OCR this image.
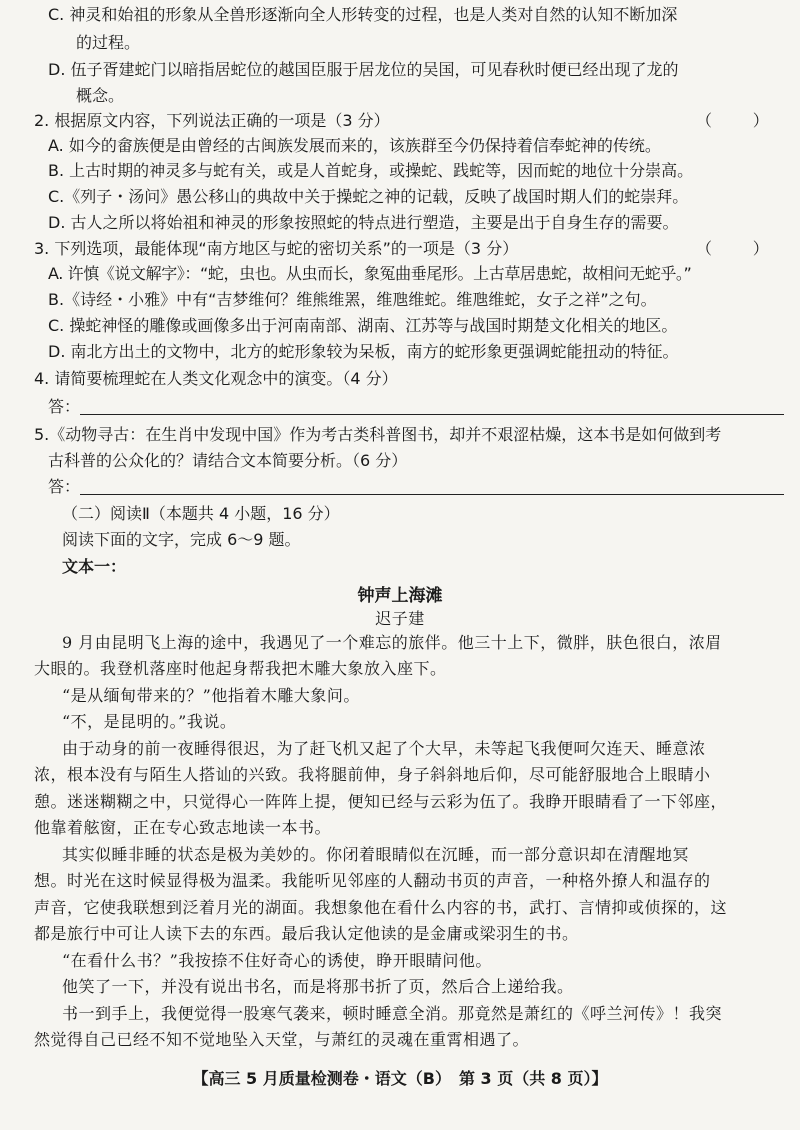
C. 神灵和始祖的形象从全兽形逐渐向全人形转变的过程，也是人类对自然的认知不断加深
的过程。
D. 伍子胥建蛇门以暗指居蛇位的越国臣服于居龙位的吴国，可见春秋时便已经出现了龙的
概念。
2. 根据原文内容，下列说法正确的一项是（3 分）	（        ）
A. 如今的畲族便是由曾经的古闽族发展而来的，该族群至今仍保持着信奉蛇神的传统。
B. 上古时期的神灵多与蛇有关，或是人首蛇身，或操蛇、践蛇等，因而蛇的地位十分崇高。
C.《列子・汤问》愚公移山的典故中关于操蛇之神的记载，反映了战国时期人们的蛇崇拜。
D. 古人之所以将始祖和神灵的形象按照蛇的特点进行塑造，主要是出于自身生存的需要。
3. 下列选项，最能体现“南方地区与蛇的密切关系”的一项是（3 分）	（        ）
A. 许慎《说文解字》：“蛇，虫也。从虫而长，象冤曲垂尾形。上古草居患蛇，故相问无蛇乎。”
B.《诗经・小雅》中有“吉梦维何？维熊维罴，维虺维蛇。维虺维蛇，女子之祥”之句。
C. 操蛇神怪的雕像或画像多出于河南南部、湖南、江苏等与战国时期楚文化相关的地区。
D. 南北方出土的文物中，北方的蛇形象较为呆板，南方的蛇形象更强调蛇能扭动的特征。
4. 请简要梳理蛇在人类文化观念中的演变。（4 分）
答：
5.《动物寻古：在生肖中发现中国》作为考古类科普图书，却并不艰涩枯燥，这本书是如何做到考
古科普的公众化的？请结合文本简要分析。（6 分）
答：
（二）阅读Ⅱ（本题共 4 小题，16 分）
阅读下面的文字，完成 6～9 题。
文本一：
钟声上海滩
迟子建
9 月由昆明飞上海的途中，我遇见了一个难忘的旅伴。他三十上下，微胖，肤色很白，浓眉
大眼的。我登机落座时他起身帮我把木雕大象放入座下。
“是从缅甸带来的？”他指着木雕大象问。
“不，是昆明的。”我说。
由于动身的前一夜睡得很迟，为了赶飞机又起了个大早，未等起飞我便呵欠连天、睡意浓
浓，根本没有与陌生人搭讪的兴致。我将腿前伸，身子斜斜地后仰，尽可能舒服地合上眼睛小
憩。迷迷糊糊之中，只觉得心一阵阵上提，便知已经与云彩为伍了。我睁开眼睛看了一下邻座，
他靠着舷窗，正在专心致志地读一本书。
其实似睡非睡的状态是极为美妙的。你闭着眼睛似在沉睡，而一部分意识却在清醒地冥
想。时光在这时候显得极为温柔。我能听见邻座的人翻动书页的声音，一种格外撩人和温存的
声音，它使我联想到泛着月光的湖面。我想象他在看什么内容的书，武打、言情抑或侦探的，这
都是旅行中可让人读下去的东西。最后我认定他读的是金庸或梁羽生的书。
“在看什么书？”我按捺不住好奇心的诱使，睁开眼睛问他。
他笑了一下，并没有说出书名，而是将那书折了页，然后合上递给我。
书一到手上，我便觉得一股寒气袭来，顿时睡意全消。那竟然是萧红的《呼兰河传》！我突
然觉得自己已经不知不觉地坠入天堂，与萧红的灵魂在重霄相遇了。
【高三 5 月质量检测卷・语文（B）　第 3 页（共 8 页）】
